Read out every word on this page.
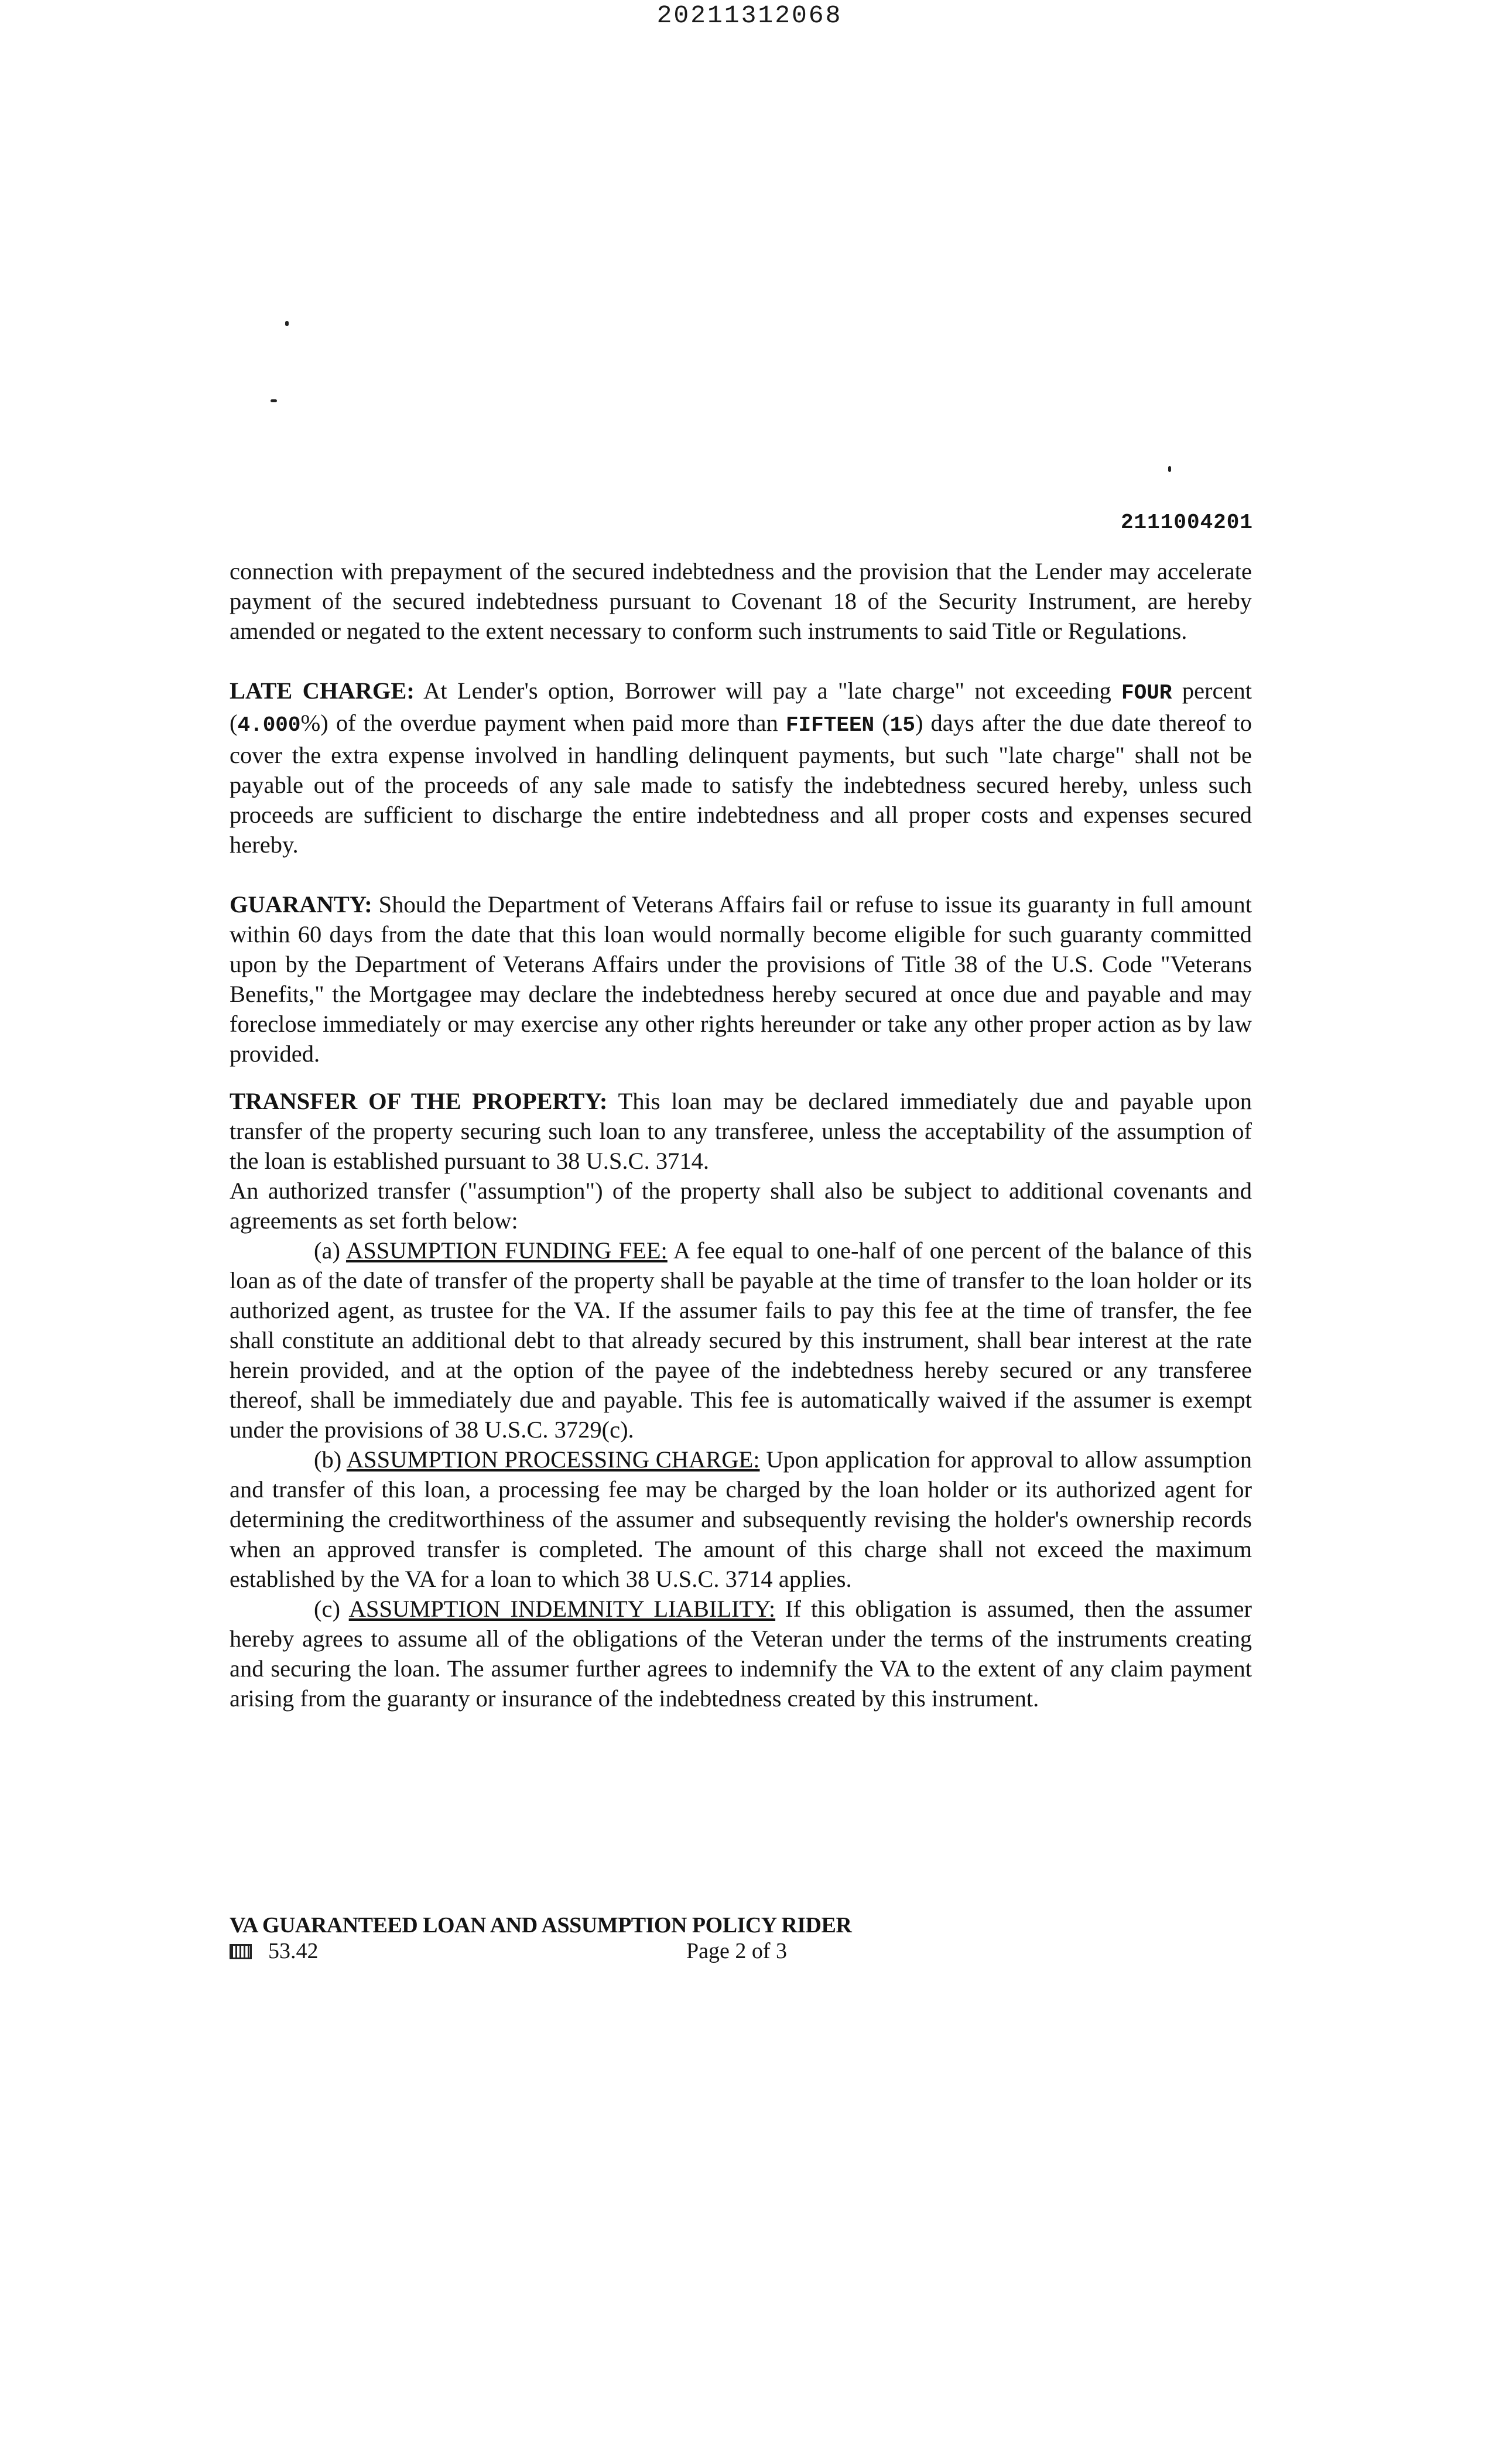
20211312068
2111004201

connection with prepayment of the secured indebtedness and the provision that the Lender may accelerate payment of the secured indebtedness pursuant to Covenant 18 of the Security Instrument, are hereby amended or negated to the extent necessary to conform such instruments to said Title or Regulations.

LATE CHARGE: At Lender's option, Borrower will pay a "late charge" not exceeding FOUR percent (4.000%) of the overdue payment when paid more than FIFTEEN (15) days after the due date thereof to cover the extra expense involved in handling delinquent payments, but such "late charge" shall not be payable out of the proceeds of any sale made to satisfy the indebtedness secured hereby, unless such proceeds are sufficient to discharge the entire indebtedness and all proper costs and expenses secured hereby.

GUARANTY: Should the Department of Veterans Affairs fail or refuse to issue its guaranty in full amount within 60 days from the date that this loan would normally become eligible for such guaranty committed upon by the Department of Veterans Affairs under the provisions of Title 38 of the U.S. Code "Veterans Benefits," the Mortgagee may declare the indebtedness hereby secured at once due and payable and may foreclose immediately or may exercise any other rights hereunder or take any other proper action as by law provided.

TRANSFER OF THE PROPERTY: This loan may be declared immediately due and payable upon transfer of the property securing such loan to any transferee, unless the acceptability of the assumption of the loan is established pursuant to 38 U.S.C. 3714.

An authorized transfer ("assumption") of the property shall also be subject to additional covenants and agreements as set forth below:

(a) ASSUMPTION FUNDING FEE: A fee equal to one-half of one percent of the balance of this loan as of the date of transfer of the property shall be payable at the time of transfer to the loan holder or its authorized agent, as trustee for the VA. If the assumer fails to pay this fee at the time of transfer, the fee shall constitute an additional debt to that already secured by this instrument, shall bear interest at the rate herein provided, and at the option of the payee of the indebtedness hereby secured or any transferee thereof, shall be immediately due and payable. This fee is automatically waived if the assumer is exempt under the provisions of 38 U.S.C. 3729(c).

(b) ASSUMPTION PROCESSING CHARGE: Upon application for approval to allow assumption and transfer of this loan, a processing fee may be charged by the loan holder or its authorized agent for determining the creditworthiness of the assumer and subsequently revising the holder's ownership records when an approved transfer is completed. The amount of this charge shall not exceed the maximum established by the VA for a loan to which 38 U.S.C. 3714 applies.

(c) ASSUMPTION INDEMNITY LIABILITY: If this obligation is assumed, then the assumer hereby agrees to assume all of the obligations of the Veteran under the terms of the instruments creating and securing the loan. The assumer further agrees to indemnify the VA to the extent of any claim payment arising from the guaranty or insurance of the indebtedness created by this instrument.

VA GUARANTEED LOAN AND ASSUMPTION POLICY RIDER
53.42	Page 2 of 3
